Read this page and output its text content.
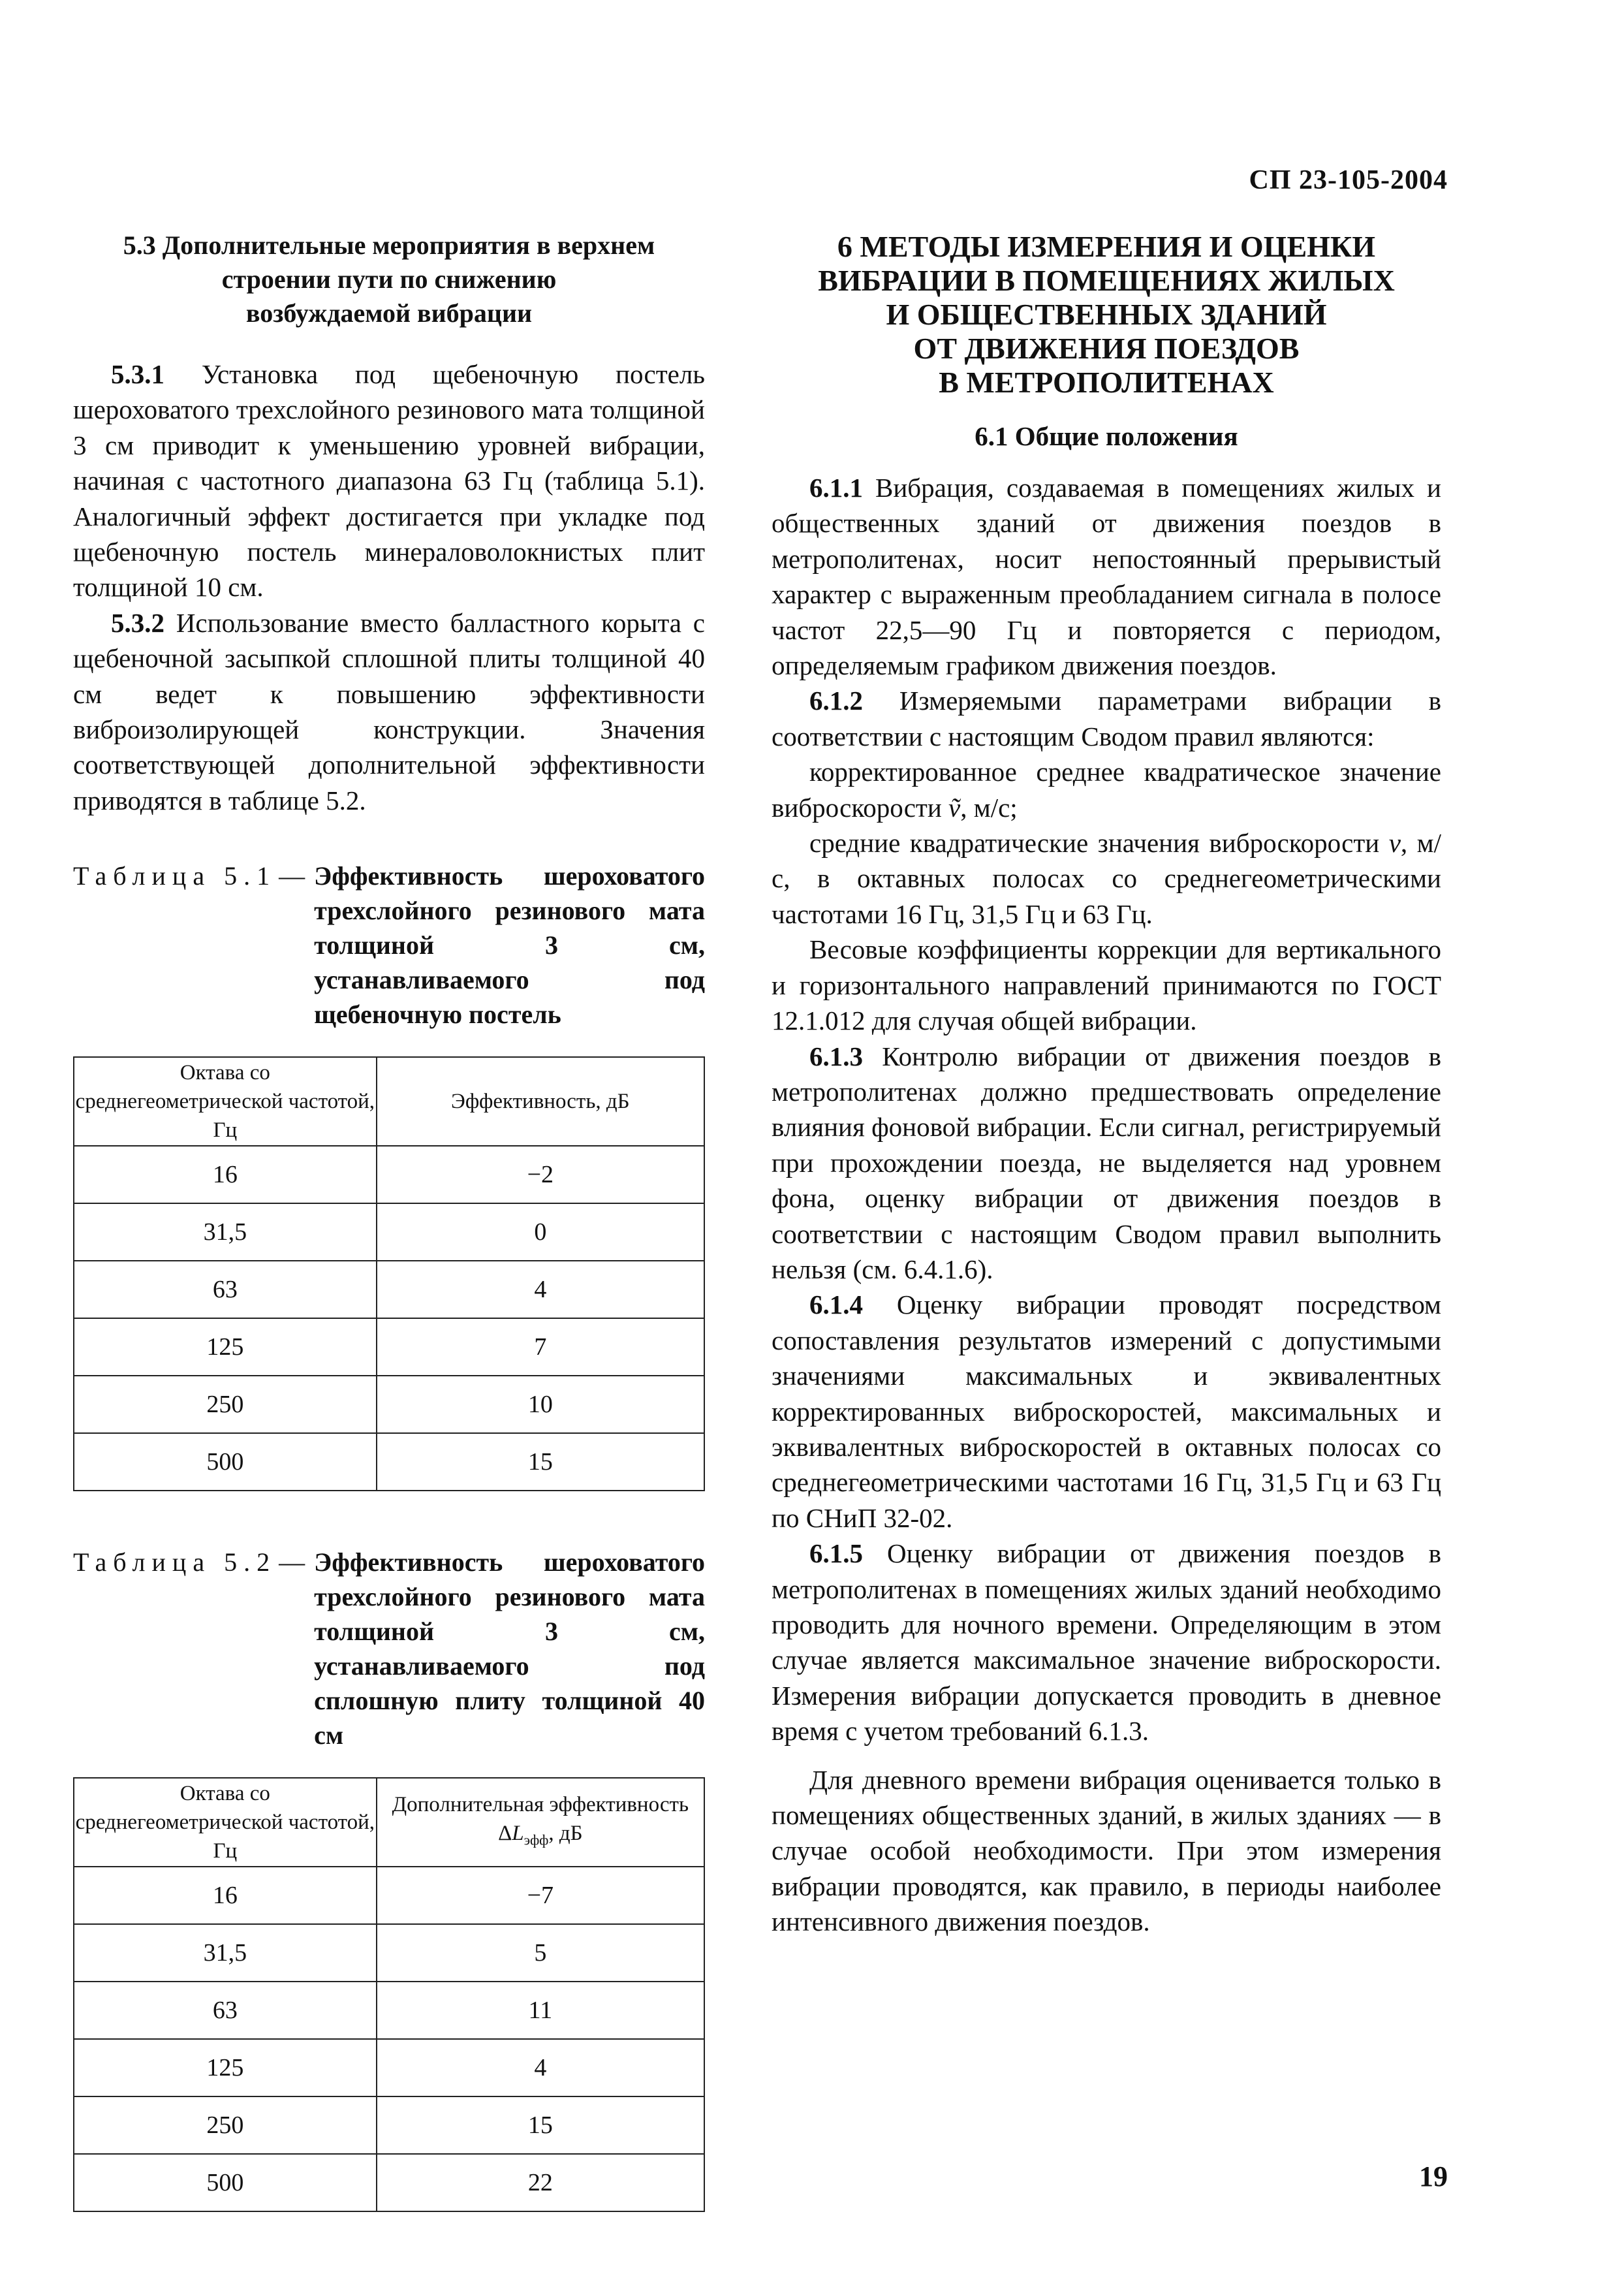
СП 23-105-2004
5.3 Дополнительные мероприятия в верхнем
строении пути по снижению
возбуждаемой вибрации

5.3.1 Установка под щебеночную постель шероховатого трехслойного резинового мата толщиной 3 см приводит к уменьшению уровней вибрации, начиная с частотного диапазона 63 Гц (таблица 5.1). Аналогичный эффект достигается при укладке под щебеночную постель минераловолокнистых плит толщиной 10 см.

5.3.2 Использование вместо балластного корыта с щебеночной засыпкой сплошной плиты толщиной 40 см ведет к повышению эффективности виброизолирующей конструкции. Значения соответствующей дополнительной эффективности приводятся в таблице 5.2.

Таблица 5.1 — Эффективность шероховатого трехслойного резинового мата толщиной 3 см, устанавливаемого под щебеночную постель
Октава со среднегеометрической частотой, Гц	Эффективность, дБ
16	−2
31,5	0
63	4
125	7
250	10
500	15
Таблица 5.2 — Эффективность шероховатого трехслойного резинового мата толщиной 3 см, устанавливаемого под сплошную плиту толщиной 40 см
Октава со среднегеометрической частотой, Гц	Дополнительная эффективность $\Delta L_{эфф}$, дБ
16	−7
31,5	5
63	11
125	4
250	15
500	22
6 МЕТОДЫ ИЗМЕРЕНИЯ И ОЦЕНКИ
ВИБРАЦИИ В ПОМЕЩЕНИЯХ ЖИЛЫХ
И ОБЩЕСТВЕННЫХ ЗДАНИЙ
ОТ ДВИЖЕНИЯ ПОЕЗДОВ
В МЕТРОПОЛИТЕНАХ
6.1 Общие положения

6.1.1 Вибрация, создаваемая в помещениях жилых и общественных зданий от движения поездов в метрополитенах, носит непостоянный прерывистый характер с выраженным преобладанием сигнала в полосе частот 22,5—90 Гц и повторяется с периодом, определяемым графиком движения поездов.

6.1.2 Измеряемыми параметрами вибрации в соответствии с настоящим Сводом правил являются:

корректированное среднее квадратическое значение виброскорости ṽ, м/с;

средние квадратические значения виброскорости v, м/с, в октавных полосах со среднегеометрическими частотами 16 Гц, 31,5 Гц и 63 Гц.

Весовые коэффициенты коррекции для вертикального и горизонтального направлений принимаются по ГОСТ 12.1.012 для случая общей вибрации.

6.1.3 Контролю вибрации от движения поездов в метрополитенах должно предшествовать определение влияния фоновой вибрации. Если сигнал, регистрируемый при прохождении поезда, не выделяется над уровнем фона, оценку вибрации от движения поездов в соответствии с настоящим Сводом правил выполнить нельзя (см. 6.4.1.6).

6.1.4 Оценку вибрации проводят посредством сопоставления результатов измерений с допустимыми значениями максимальных и эквивалентных корректированных виброскоростей, максимальных и эквивалентных виброскоростей в октавных полосах со среднегеометрическими частотами 16 Гц, 31,5 Гц и 63 Гц по СНиП 32-02.

6.1.5 Оценку вибрации от движения поездов в метрополитенах в помещениях жилых зданий необходимо проводить для ночного времени. Определяющим в этом случае является максимальное значение виброскорости. Измерения вибрации допускается проводить в дневное время с учетом требований 6.1.3.

Для дневного времени вибрация оценивается только в помещениях общественных зданий, в жилых зданиях — в случае особой необходимости. При этом измерения вибрации проводятся, как правило, в периоды наиболее интенсивного движения поездов.

19
